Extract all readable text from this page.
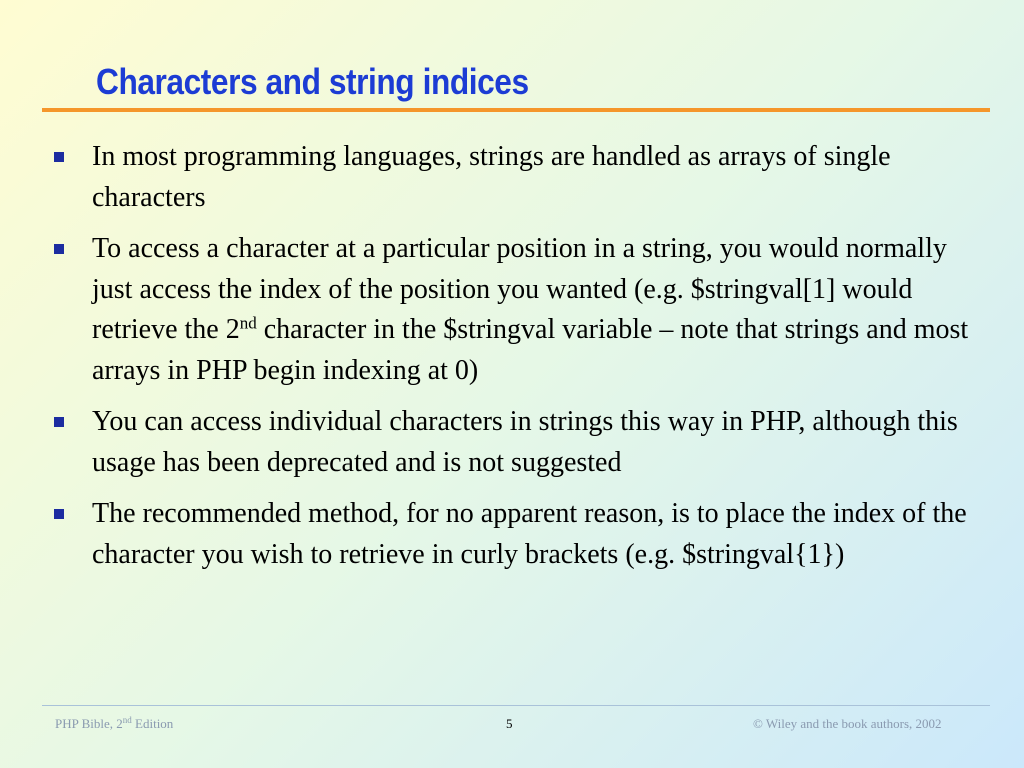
Characters and string indices
In most programming languages, strings are handled as arrays of single characters
To access a character at a particular position in a string, you would normally just access the index of the position you wanted (e.g. $stringval[1] would retrieve the 2nd character in the $stringval variable – note that strings and most arrays in PHP begin indexing at 0)
You can access individual characters in strings this way in PHP, although this usage has been deprecated and is not suggested
The recommended method, for no apparent reason, is to place the index of the character you wish to retrieve in curly brackets (e.g. $stringval{1})
PHP Bible, 2nd Edition	5	© Wiley and the book authors, 2002
